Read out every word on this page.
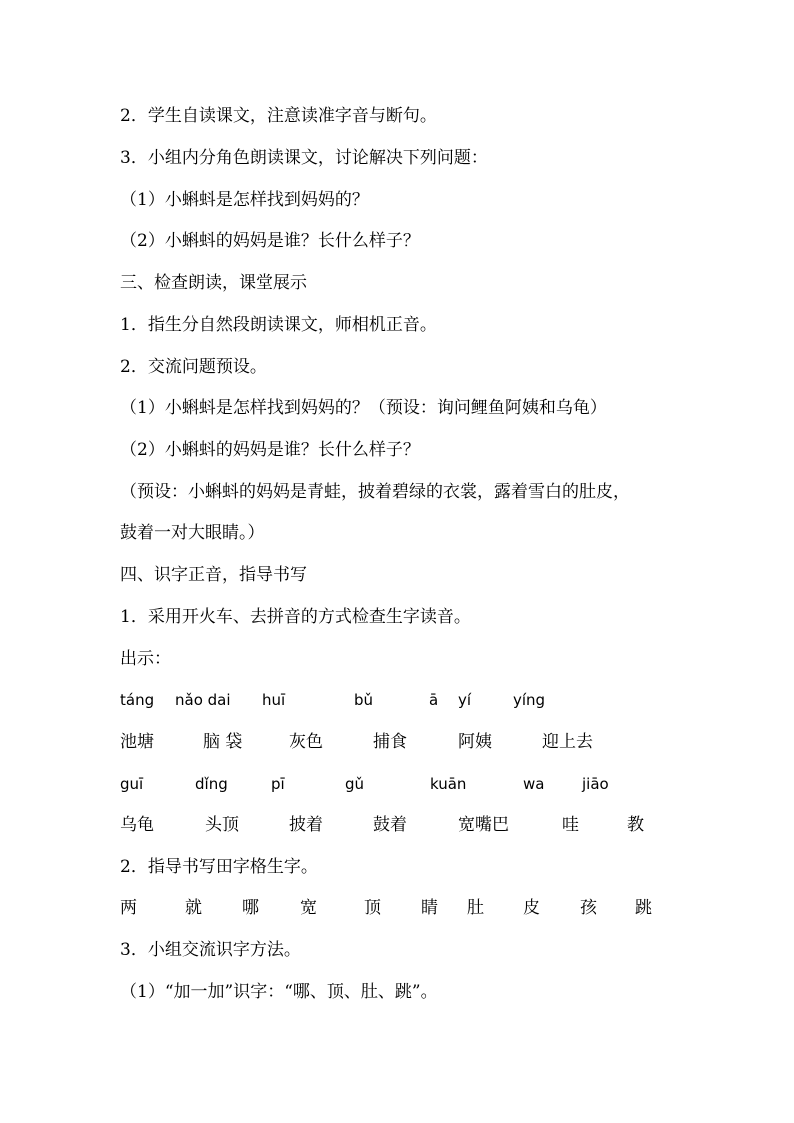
2．学生自读课文，注意读准字音与断句。
3．小组内分角色朗读课文，讨论解决下列问题：
（1）小蝌蚪是怎样找到妈妈的？
（2）小蝌蚪的妈妈是谁？长什么样子？
三、检查朗读，课堂展示
1．指生分自然段朗读课文，师相机正音。
2．交流问题预设。
（1）小蝌蚪是怎样找到妈妈的？（预设：询问鲤鱼阿姨和乌龟）
（2）小蝌蚪的妈妈是谁？长什么样子？
（预设：小蝌蚪的妈妈是青蛙，披着碧绿的衣裳，露着雪白的肚皮，
鼓着一对大眼睛。）
四、识字正音，指导书写
1．采用开火车、去拼音的方式检查生字读音。
出示：
táng nǎo dai huī	bǔ	ā yí	yíng
池塘	脑 袋	灰色	捕食	阿姨	迎上去
guī	dǐng	pī	gǔ	kuān	wa	jiāo
乌龟	头顶	披着	鼓着	宽嘴巴	哇	教
2．指导书写田字格生字。
两	就 哪 宽	顶 睛 肚 皮 孩 跳
3．小组交流识字方法。
（1）“加一加”识字：“哪、顶、肚、跳”。
